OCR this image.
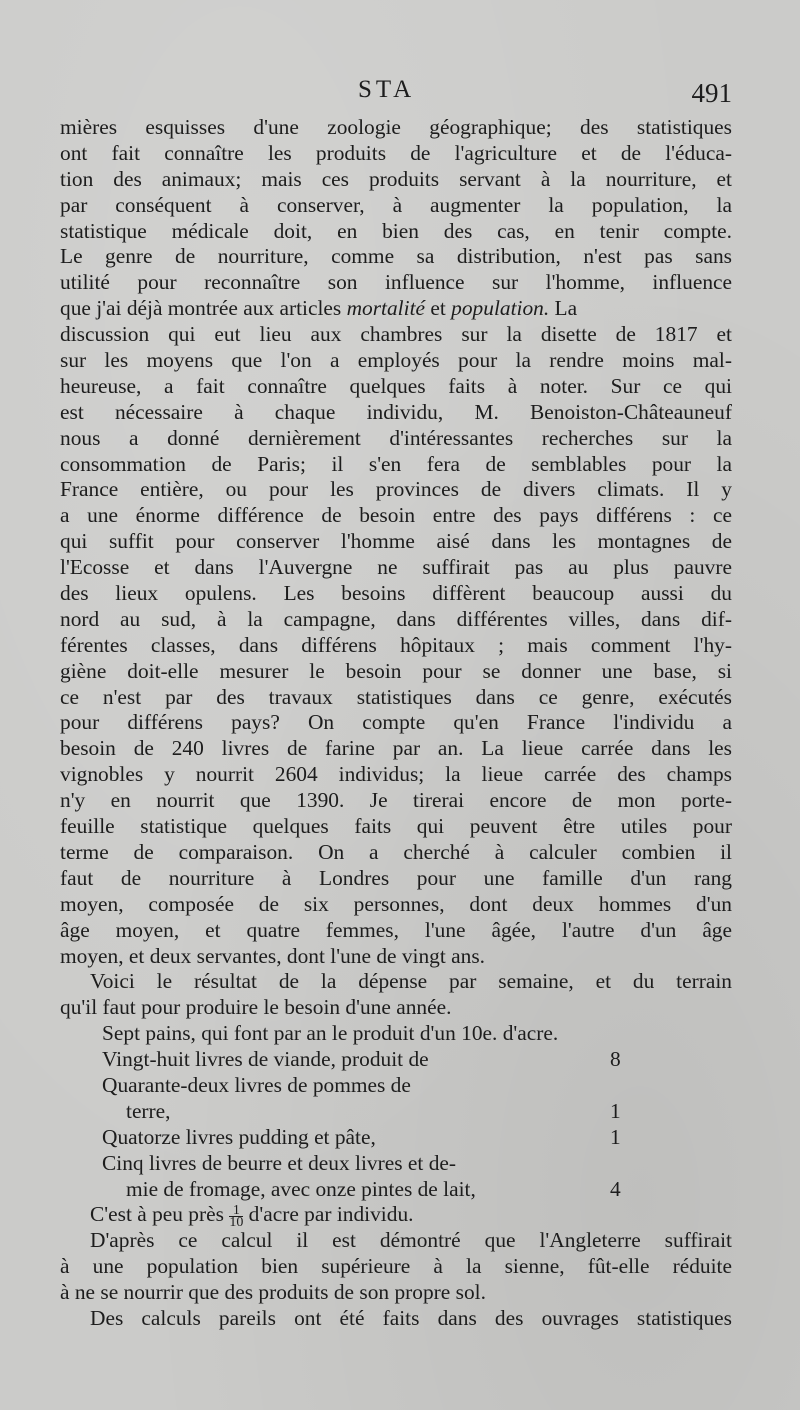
STA	491
mières esquisses d'une zoologie géographique; des statistiques
ont fait connaître les produits de l'agriculture et de l'éduca-
tion des animaux; mais ces produits servant à la nourriture, et
par conséquent à conserver, à augmenter la population, la
statistique médicale doit, en bien des cas, en tenir compte.
Le genre de nourriture, comme sa distribution, n'est pas sans
utilité pour reconnaître son influence sur l'homme, influence
que j'ai déjà montrée aux articles mortalité et population. La
discussion qui eut lieu aux chambres sur la disette de 1817 et
sur les moyens que l'on a employés pour la rendre moins mal-
heureuse, a fait connaître quelques faits à noter. Sur ce qui
est nécessaire à chaque individu, M. Benoiston-Châteauneuf
nous a donné dernièrement d'intéressantes recherches sur la
consommation de Paris; il s'en fera de semblables pour la
France entière, ou pour les provinces de divers climats. Il y
a une énorme différence de besoin entre des pays différens : ce
qui suffit pour conserver l'homme aisé dans les montagnes de
l'Ecosse et dans l'Auvergne ne suffirait pas au plus pauvre
des lieux opulens. Les besoins diffèrent beaucoup aussi du
nord au sud, à la campagne, dans différentes villes, dans dif-
férentes classes, dans différens hôpitaux ; mais comment l'hy-
giène doit-elle mesurer le besoin pour se donner une base, si
ce n'est par des travaux statistiques dans ce genre, exécutés
pour différens pays? On compte qu'en France l'individu a
besoin de 240 livres de farine par an. La lieue carrée dans les
vignobles y nourrit 2604 individus; la lieue carrée des champs
n'y en nourrit que 1390. Je tirerai encore de mon porte-
feuille statistique quelques faits qui peuvent être utiles pour
terme de comparaison. On a cherché à calculer combien il
faut de nourriture à Londres pour une famille d'un rang
moyen, composée de six personnes, dont deux hommes d'un
âge moyen, et quatre femmes, l'une âgée, l'autre d'un âge
moyen, et deux servantes, dont l'une de vingt ans.
Voici le résultat de la dépense par semaine, et du terrain
qu'il faut pour produire le besoin d'une année.
Sept pains, qui font par an le produit d'un 10e. d'acre.
Vingt-huit livres de viande, produit de	8
Quarante-deux livres de pommes de
terre,	1
Quatorze livres pudding et pâte,	1
Cinq livres de beurre et deux livres et de-
mie de fromage, avec onze pintes de lait,	4
C'est à peu près $\frac{1}{10}$ d'acre par individu.
D'après ce calcul il est démontré que l'Angleterre suffirait
à une population bien supérieure à la sienne, fût-elle réduite
à ne se nourrir que des produits de son propre sol.
Des calculs pareils ont été faits dans des ouvrages statistiques
